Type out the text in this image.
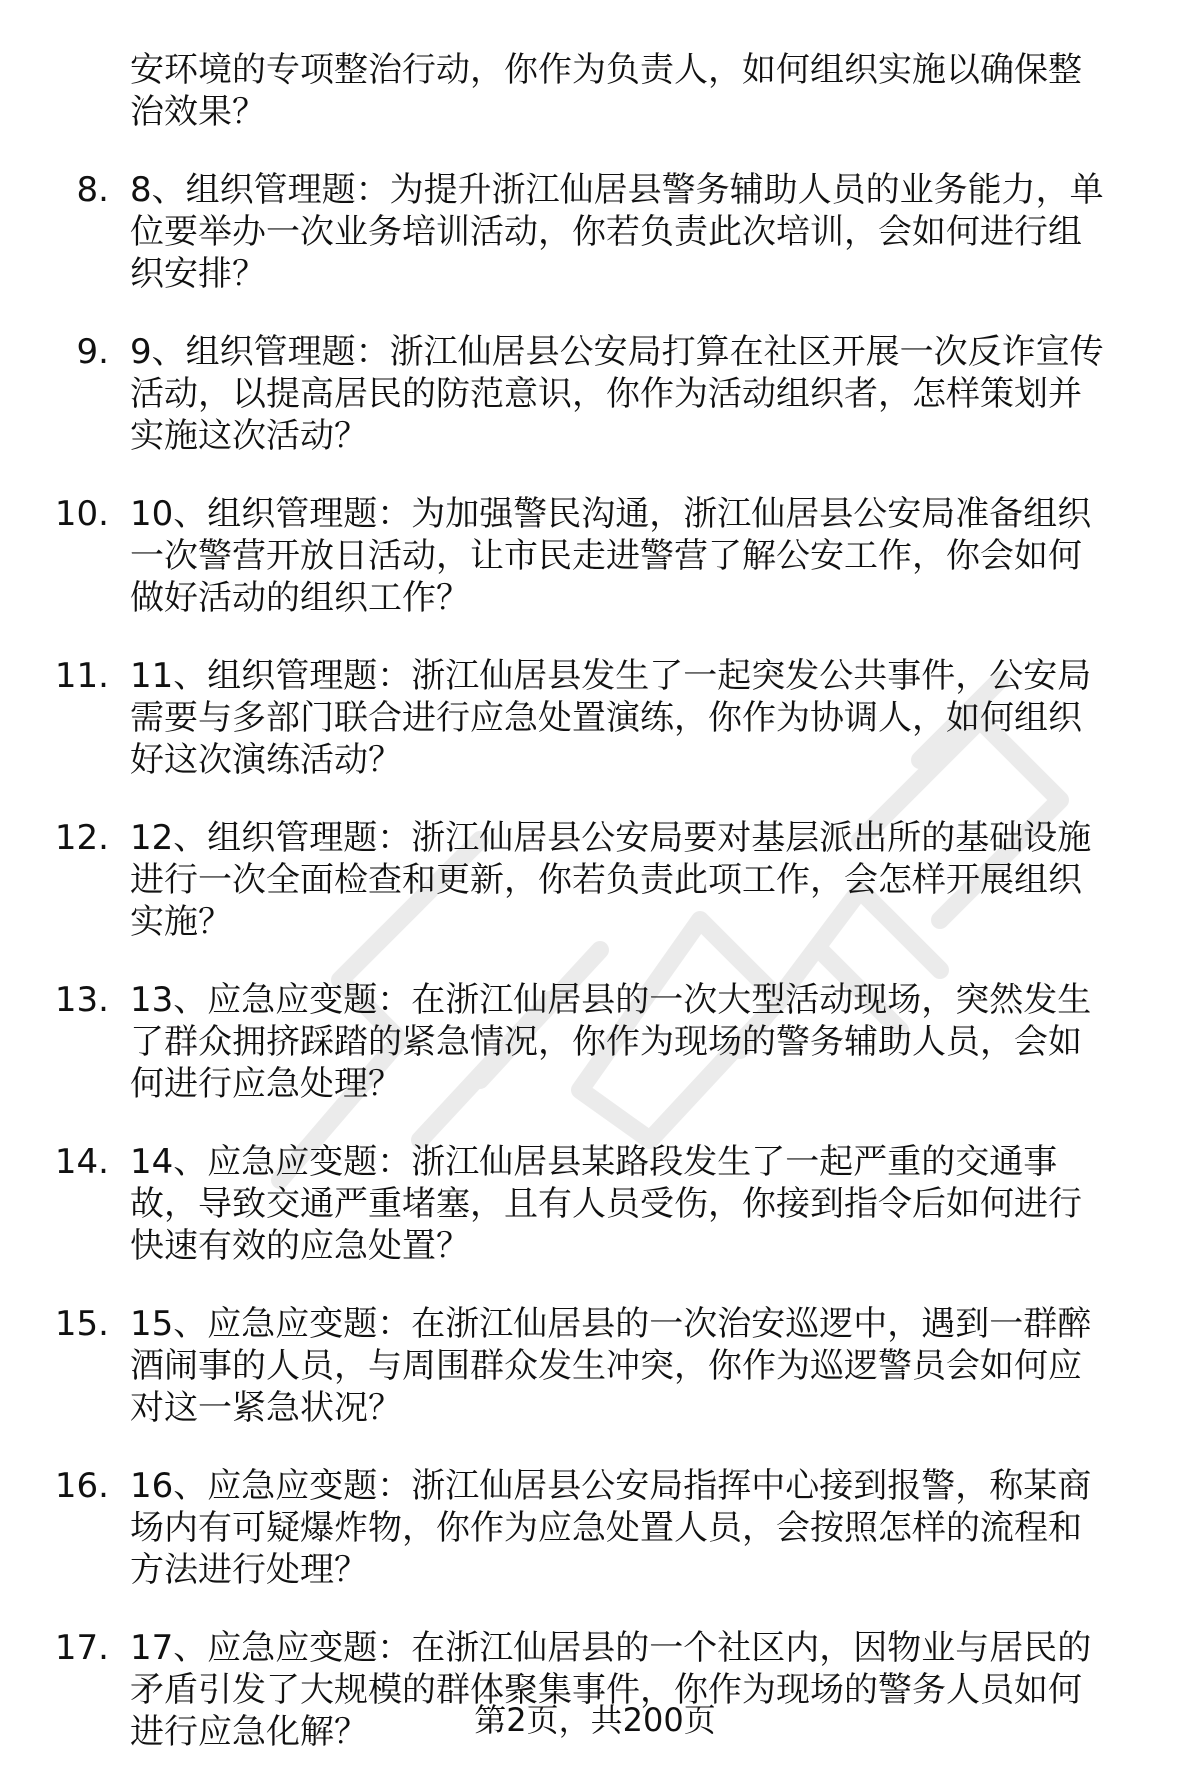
安环境的专项整治行动，你作为负责人，如何组织实施以确保整
治效果？
8. 8、组织管理题：为提升浙江仙居县警务辅助人员的业务能力，单
位要举办一次业务培训活动，你若负责此次培训，会如何进行组
织安排？
9. 9、组织管理题：浙江仙居县公安局打算在社区开展一次反诈宣传
活动，以提高居民的防范意识，你作为活动组织者，怎样策划并
实施这次活动？
10. 10、组织管理题：为加强警民沟通，浙江仙居县公安局准备组织
一次警营开放日活动，让市民走进警营了解公安工作，你会如何
做好活动的组织工作？
11. 11、组织管理题：浙江仙居县发生了一起突发公共事件，公安局
需要与多部门联合进行应急处置演练，你作为协调人，如何组织
好这次演练活动？
12. 12、组织管理题：浙江仙居县公安局要对基层派出所的基础设施
进行一次全面检查和更新，你若负责此项工作，会怎样开展组织
实施？
13. 13、应急应变题：在浙江仙居县的一次大型活动现场，突然发生
了群众拥挤踩踏的紧急情况，你作为现场的警务辅助人员，会如
何进行应急处理？
14. 14、应急应变题：浙江仙居县某路段发生了一起严重的交通事
故，导致交通严重堵塞，且有人员受伤，你接到指令后如何进行
快速有效的应急处置？
15. 15、应急应变题：在浙江仙居县的一次治安巡逻中，遇到一群醉
酒闹事的人员，与周围群众发生冲突，你作为巡逻警员会如何应
对这一紧急状况？
16. 16、应急应变题：浙江仙居县公安局指挥中心接到报警，称某商
场内有可疑爆炸物，你作为应急处置人员，会按照怎样的流程和
方法进行处理？
17. 17、应急应变题：在浙江仙居县的一个社区内，因物业与居民的
矛盾引发了大规模的群体聚集事件，你作为现场的警务人员如何
进行应急化解？	第2页，共200页
